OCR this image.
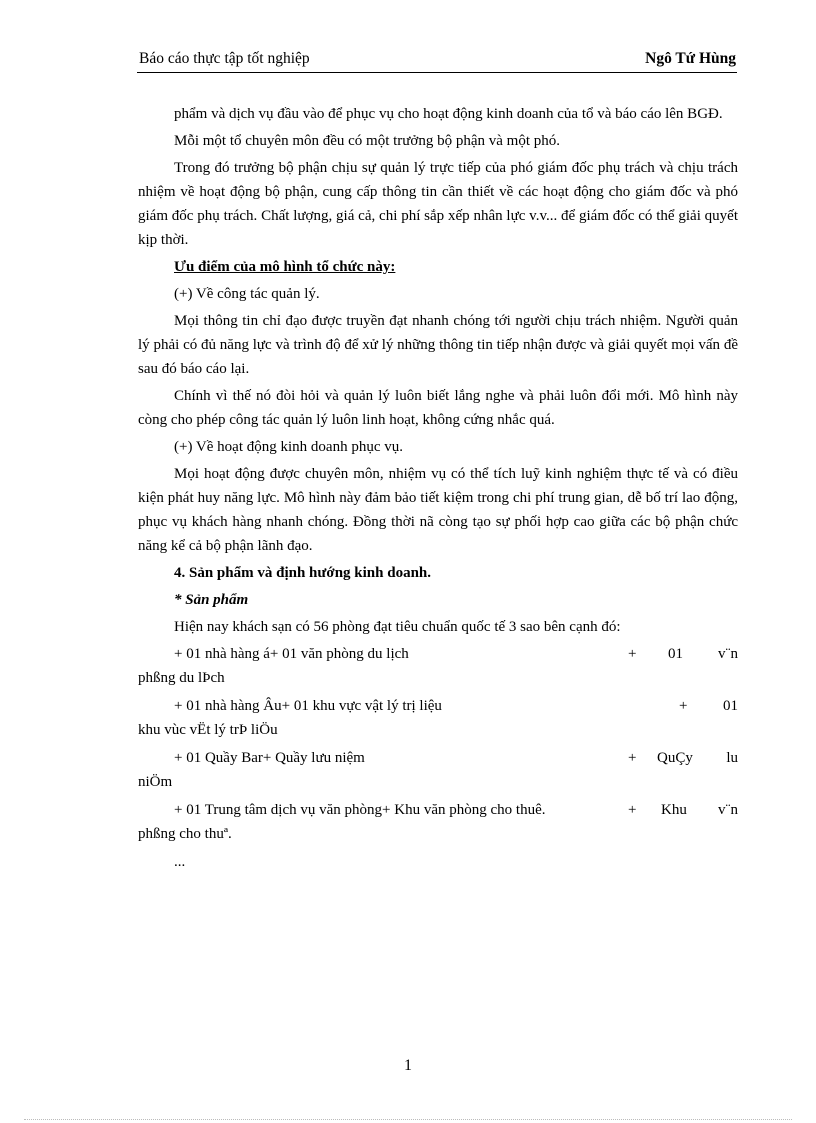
Báo cáo thực tập tốt nghiệp	Ngô Tứ Hùng

phẩm và dịch vụ đầu vào để phục vụ cho hoạt động kinh doanh của tổ và báo cáo lên BGĐ.

Mỗi một tổ chuyên môn đều có một trưởng bộ phận và một phó.

Trong đó trưởng bộ phận chịu sự quản lý trực tiếp của phó giám đốc phụ trách và chịu trách nhiệm về hoạt động bộ phận, cung cấp thông tin cần thiết về các hoạt động cho giám đốc và phó giám đốc phụ trách. Chất lượng, giá cả, chi phí sắp xếp nhân lực v.v... để giám đốc có thể giải quyết kịp thời.

Ưu điểm của mô hình tổ chức này:
(+) Về công tác quản lý.

Mọi thông tin chỉ đạo được truyền đạt nhanh chóng tới người chịu trách nhiệm. Người quản lý phải có đủ năng lực và trình độ để xử lý những thông tin tiếp nhận được và giải quyết mọi vấn đề sau đó báo cáo lại.

Chính vì thế nó đòi hỏi và quản lý luôn biết lắng nghe và phải luôn đổi mới. Mô hình này còng cho phép công tác quản lý luôn linh hoạt, không cứng nhắc quá.

(+) Về hoạt động kinh doanh phục vụ.

Mọi hoạt động được chuyên môn, nhiệm vụ có thể tích luỹ kinh nghiệm thực tế và có điều kiện phát huy năng lực. Mô hình này đảm bảo tiết kiệm trong chi phí trung gian, dễ bố trí lao động, phục vụ khách hàng nhanh chóng. Đồng thời nã còng tạo sự phối hợp cao giữa các bộ phận chức năng kể cả bộ phận lãnh đạo.

4. Sản phẩm và định hướng kinh doanh.
* Sản phẩm
Hiện nay khách sạn có 56 phòng đạt tiêu chuẩn quốc tế 3 sao bên cạnh đó:
+ 01 nhà hàng á+ 01 văn phòng du lịch	+ 01 v¨n
phßng du lÞch
+ 01 nhà hàng Âu+ 01 khu vực vật lý trị liệu	+ 01
khu vùc vËt lý trÞ liÖu
+ 01 Quầy Bar+ Quầy lưu niệm	+ QuÇy lu
niÖm
+ 01 Trung tâm dịch vụ văn phòng+ Khu văn phòng cho thuê.	+ Khu v¨n
phßng cho thuª.
...
1
